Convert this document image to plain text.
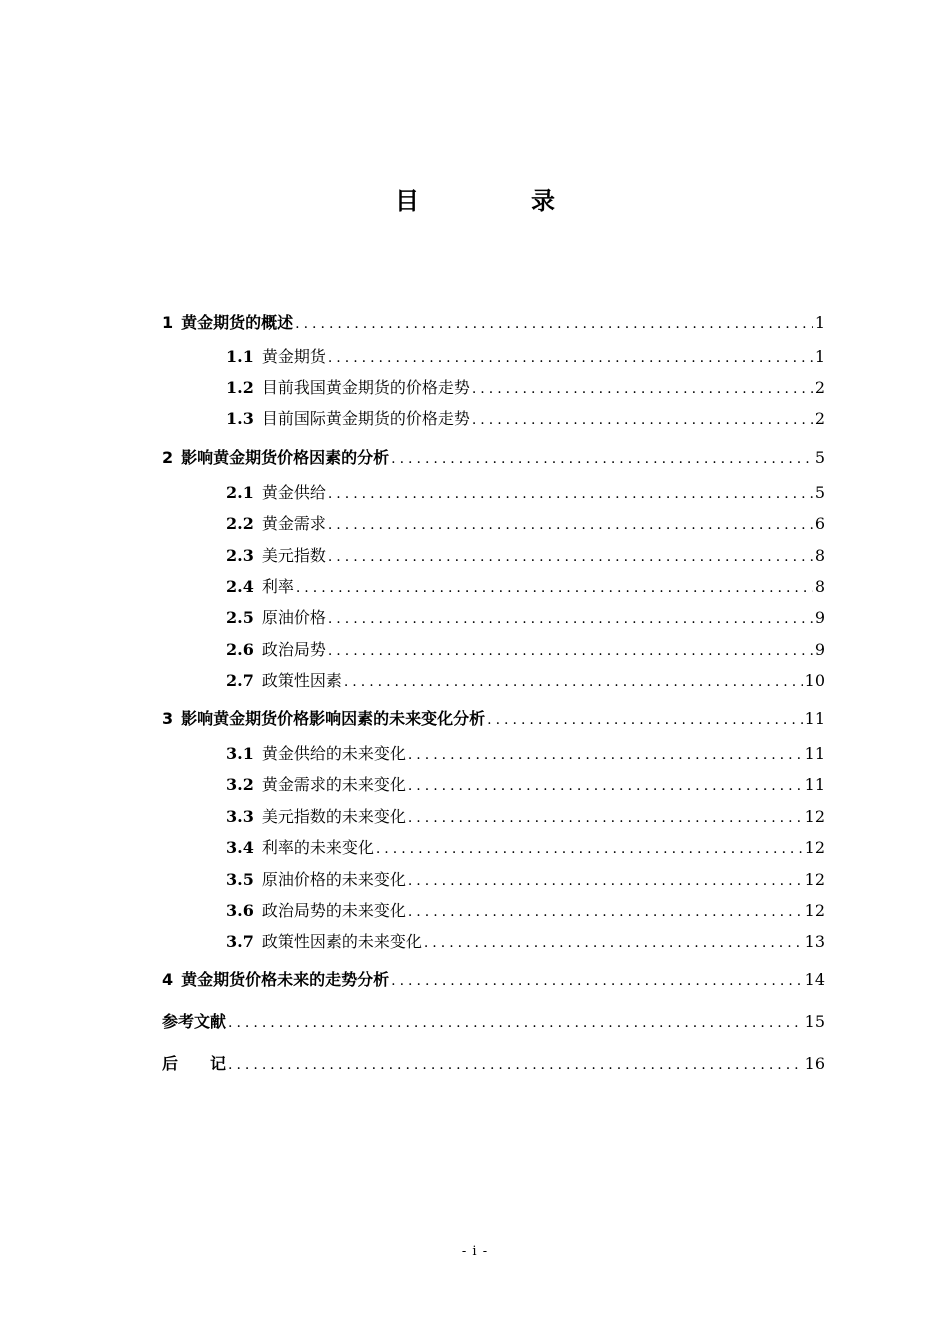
目　录
1 黄金期货的概述 .....	1
1.1 黄金期货 .....	1
1.2 目前我国黄金期货的价格走势 .....	2
1.3 目前国际黄金期货的价格走势 .....	2
2 影响黄金期货价格因素的分析 .....	5
2.1 黄金供给 .....	5
2.2 黄金需求 .....	6
2.3 美元指数 .....	8
2.4 利率 .....	8
2.5 原油价格 .....	9
2.6 政治局势 .....	9
2.7 政策性因素 .....	10
3 影响黄金期货价格影响因素的未来变化分析 .....	11
3.1 黄金供给的未来变化 .....	11
3.2 黄金需求的未来变化 .....	11
3.3 美元指数的未来变化 .....	12
3.4 利率的未来变化 .....	12
3.5 原油价格的未来变化 .....	12
3.6 政治局势的未来变化 .....	12
3.7 政策性因素的未来变化 .....	13
4 黄金期货价格未来的走势分析 .....	14
参考文献 .....	15
后　　记 .....	16
- i -
